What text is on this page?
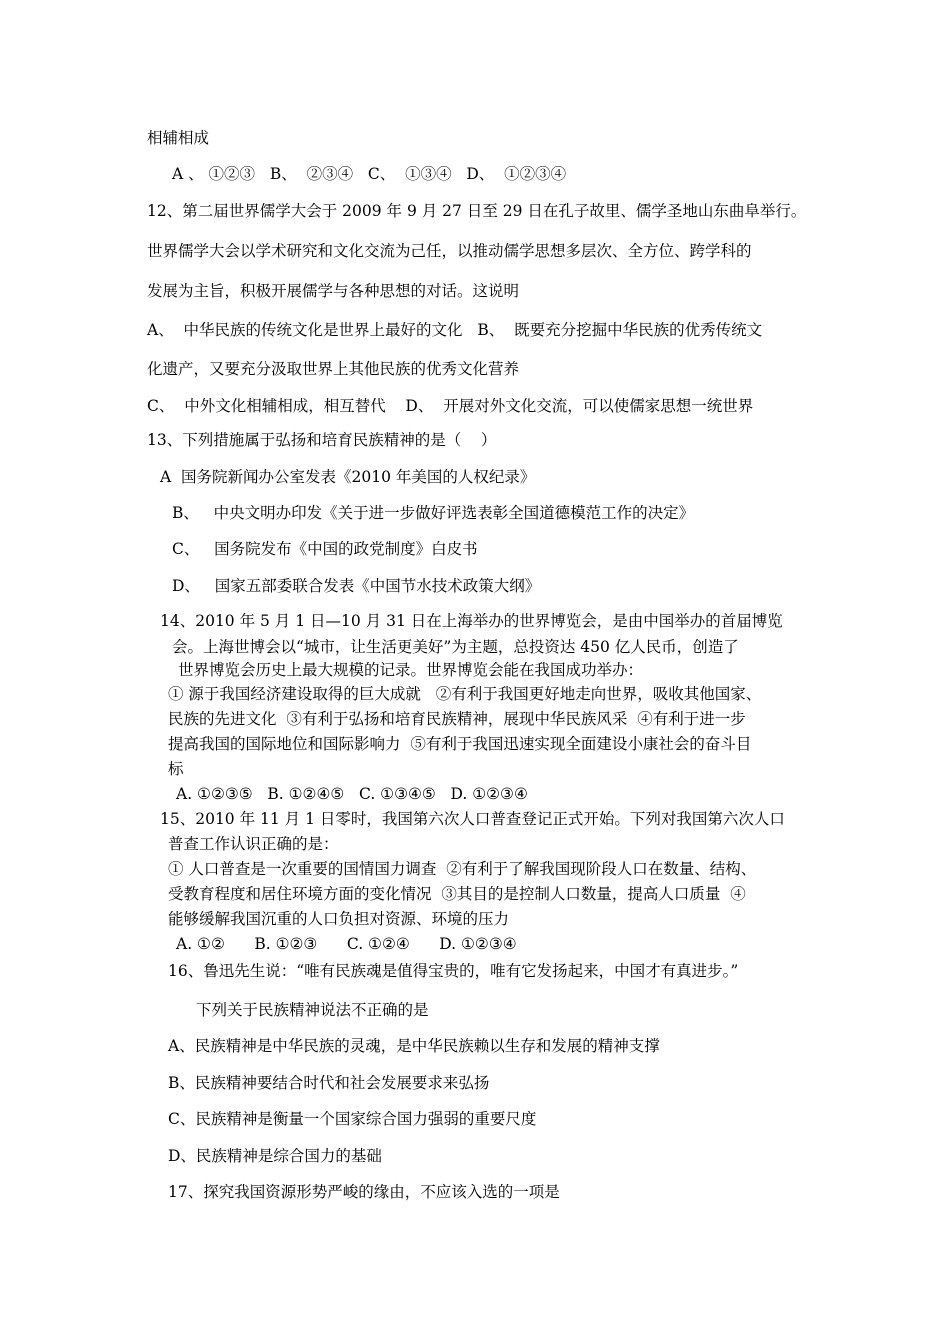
相辅相成
A 、 ①②③   B、  ②③④   C、  ①③④   D、  ①②③④
12、第二届世界儒学大会于 2009 年 9 月 27 日至 29 日在孔子故里、儒学圣地山东曲阜举行。
世界儒学大会以学术研究和文化交流为己任，以推动儒学思想多层次、全方位、跨学科的
发展为主旨，积极开展儒学与各种思想的对话。这说明
A、  中华民族的传统文化是世界上最好的文化   B、  既要充分挖掘中华民族的优秀传统文
化遗产，又要充分汲取世界上其他民族的优秀文化营养
C、  中外文化相辅相成，相互替代    D、  开展对外文化交流，可以使儒家思想一统世界
13、下列措施属于弘扬和培育民族精神的是（    ）
A  国务院新闻办公室发表《2010 年美国的人权纪录》
B、   中央文明办印发《关于进一步做好评选表彰全国道德模范工作的决定》
C、   国务院发布《中国的政党制度》白皮书
D、   国家五部委联合发表《中国节水技术政策大纲》
14、2010 年 5 月 1 日—10 月 31 日在上海举办的世界博览会，是由中国举办的首届博览
会。上海世博会以“城市，让生活更美好”为主题，总投资达 450 亿人民币，创造了
世界博览会历史上最大规模的记录。世界博览会能在我国成功举办：
① 源于我国经济建设取得的巨大成就   ②有利于我国更好地走向世界，吸收其他国家、
民族的先进文化  ③有利于弘扬和培育民族精神，展现中华民族风采  ④有利于进一步
提高我国的国际地位和国际影响力  ⑤有利于我国迅速实现全面建设小康社会的奋斗目
标
A. ①②③⑤   B. ①②④⑤   C. ①③④⑤   D. ①②③④
15、2010 年 11 月 1 日零时，我国第六次人口普查登记正式开始。下列对我国第六次人口
普查工作认识正确的是：
① 人口普查是一次重要的国情国力调查  ②有利于了解我国现阶段人口在数量、结构、
受教育程度和居住环境方面的变化情况  ③其目的是控制人口数量，提高人口质量  ④
能够缓解我国沉重的人口负担对资源、环境的压力
A. ①②      B. ①②③      C. ①②④      D. ①②③④
16、鲁迅先生说：“唯有民族魂是值得宝贵的，唯有它发扬起来，中国才有真进步。”
下列关于民族精神说法不正确的是
A、民族精神是中华民族的灵魂，是中华民族赖以生存和发展的精神支撑
B、民族精神要结合时代和社会发展要求来弘扬
C、民族精神是衡量一个国家综合国力强弱的重要尺度
D、民族精神是综合国力的基础
17、探究我国资源形势严峻的缘由，不应该入选的一项是
